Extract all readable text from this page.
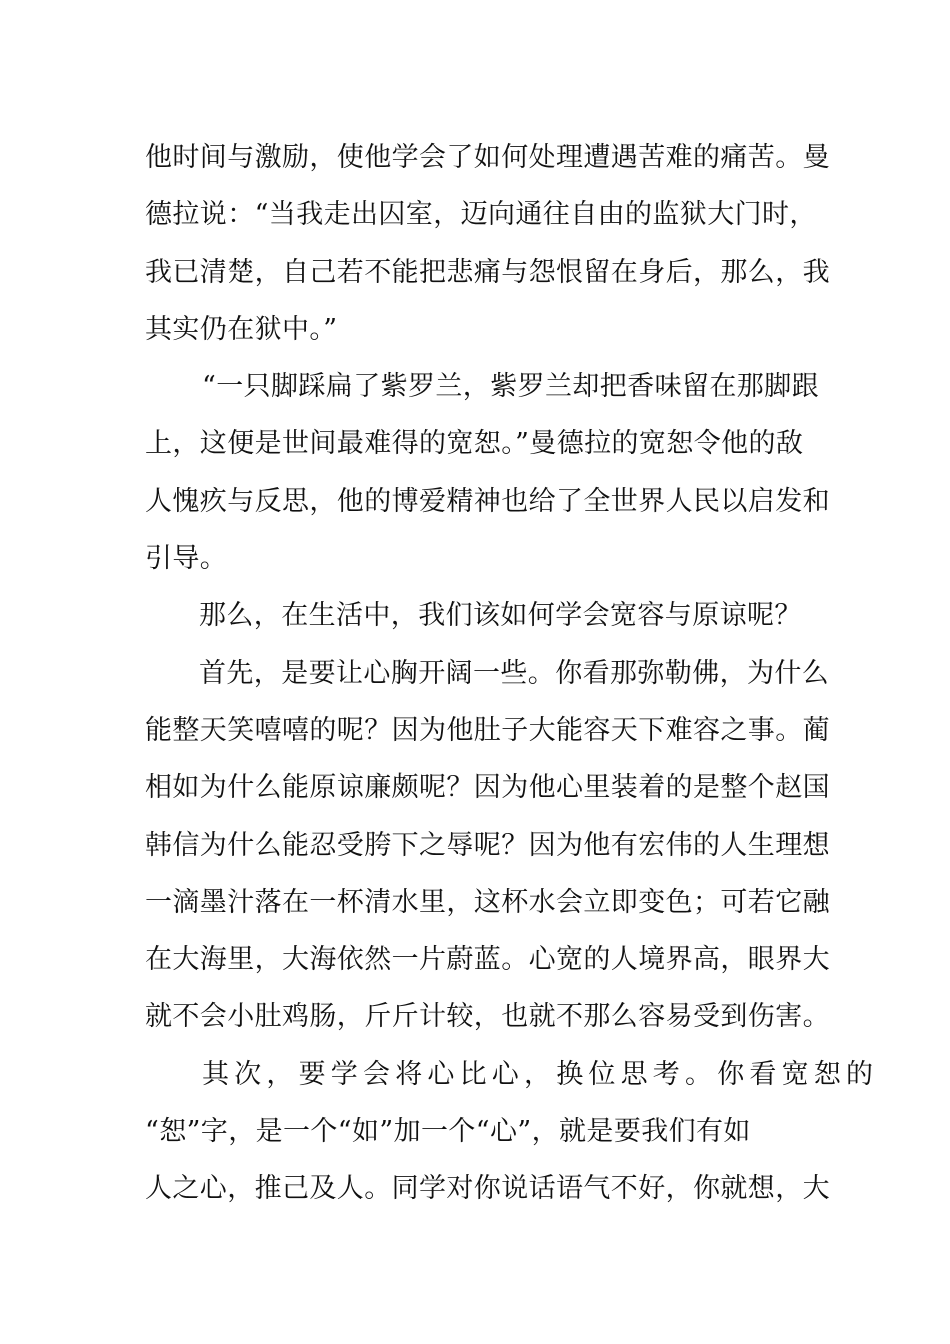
他时间与激励，使他学会了如何处理遭遇苦难的痛苦。曼
德拉说：“当我走出囚室，迈向通往自由的监狱大门时，
我已清楚，自己若不能把悲痛与怨恨留在身后，那么，我
其实仍在狱中。”
“一只脚踩扁了紫罗兰，紫罗兰却把香味留在那脚跟
上，这便是世间最难得的宽恕。”曼德拉的宽恕令他的敌
人愧疚与反思，他的博爱精神也给了全世界人民以启发和
引导。
那么，在生活中，我们该如何学会宽容与原谅呢？
首先，是要让心胸开阔一些。你看那弥勒佛，为什么
能整天笑嘻嘻的呢？因为他肚子大能容天下难容之事。蔺
相如为什么能原谅廉颇呢？因为他心里装着的是整个赵国
韩信为什么能忍受胯下之辱呢？因为他有宏伟的人生理想
一滴墨汁落在一杯清水里，这杯水会立即变色；可若它融
在大海里，大海依然一片蔚蓝。心宽的人境界高，眼界大
就不会小肚鸡肠，斤斤计较，也就不那么容易受到伤害。
其次，要学会将心比心，换位思考。你看宽恕的
“恕”字，是一个“如”加一个“心”，就是要我们有如
人之心，推己及人。同学对你说话语气不好，你就想，大
